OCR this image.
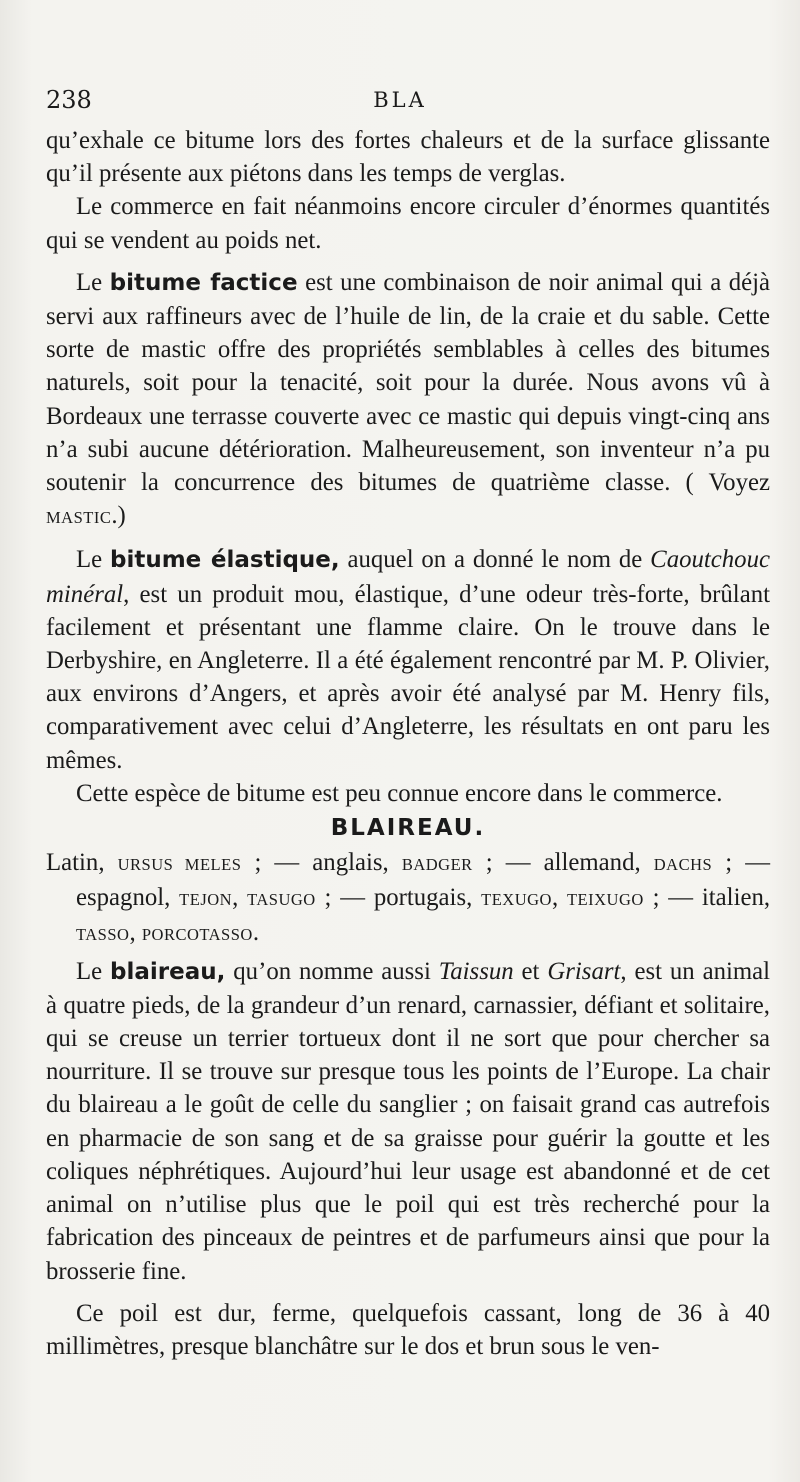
238	BLA

qu’exhale ce bitume lors des fortes chaleurs et de la surface glissante qu’il présente aux piétons dans les temps de verglas.

Le commerce en fait néanmoins encore circuler d’énormes quantités qui se vendent au poids net.

Le bitume factice est une combinaison de noir animal qui a déjà servi aux raffineurs avec de l’huile de lin, de la craie et du sable. Cette sorte de mastic offre des propriétés semblables à celles des bitumes naturels, soit pour la tenacité, soit pour la durée. Nous avons vû à Bordeaux une terrasse couverte avec ce mastic qui depuis vingt-cinq ans n’a subi aucune détérioration. Malheureusement, son inventeur n’a pu soutenir la concurrence des bitumes de quatrième classe. ( Voyez MASTIC.)

Le bitume élastique, auquel on a donné le nom de Caoutchouc minéral, est un produit mou, élastique, d’une odeur très-forte, brûlant facilement et présentant une flamme claire. On le trouve dans le Derbyshire, en Angleterre. Il a été également rencontré par M. P. Olivier, aux environs d’Angers, et après avoir été analysé par M. Henry fils, comparativement avec celui d’Angleterre, les résultats en ont paru les mêmes.

Cette espèce de bitume est peu connue encore dans le commerce.

BLAIREAU.

Latin, URSUS MELES ; — anglais, BADGER ; — allemand, DACHS ; — espagnol, TEJON, TASUGO ; — portugais, TEXUGO, TEIXUGO ; — italien, TASSO, PORCOTASSO.

Le blaireau, qu’on nomme aussi Taissun et Grisart, est un animal à quatre pieds, de la grandeur d’un renard, carnassier, défiant et solitaire, qui se creuse un terrier tortueux dont il ne sort que pour chercher sa nourriture. Il se trouve sur presque tous les points de l’Europe. La chair du blaireau a le goût de celle du sanglier ; on faisait grand cas autrefois en pharmacie de son sang et de sa graisse pour guérir la goutte et les coliques néphrétiques. Aujourd’hui leur usage est abandonné et de cet animal on n’utilise plus que le poil qui est très recherché pour la fabrication des pinceaux de peintres et de parfumeurs ainsi que pour la brosserie fine.

Ce poil est dur, ferme, quelquefois cassant, long de 36 à 40 millimètres, presque blanchâtre sur le dos et brun sous le ven-
